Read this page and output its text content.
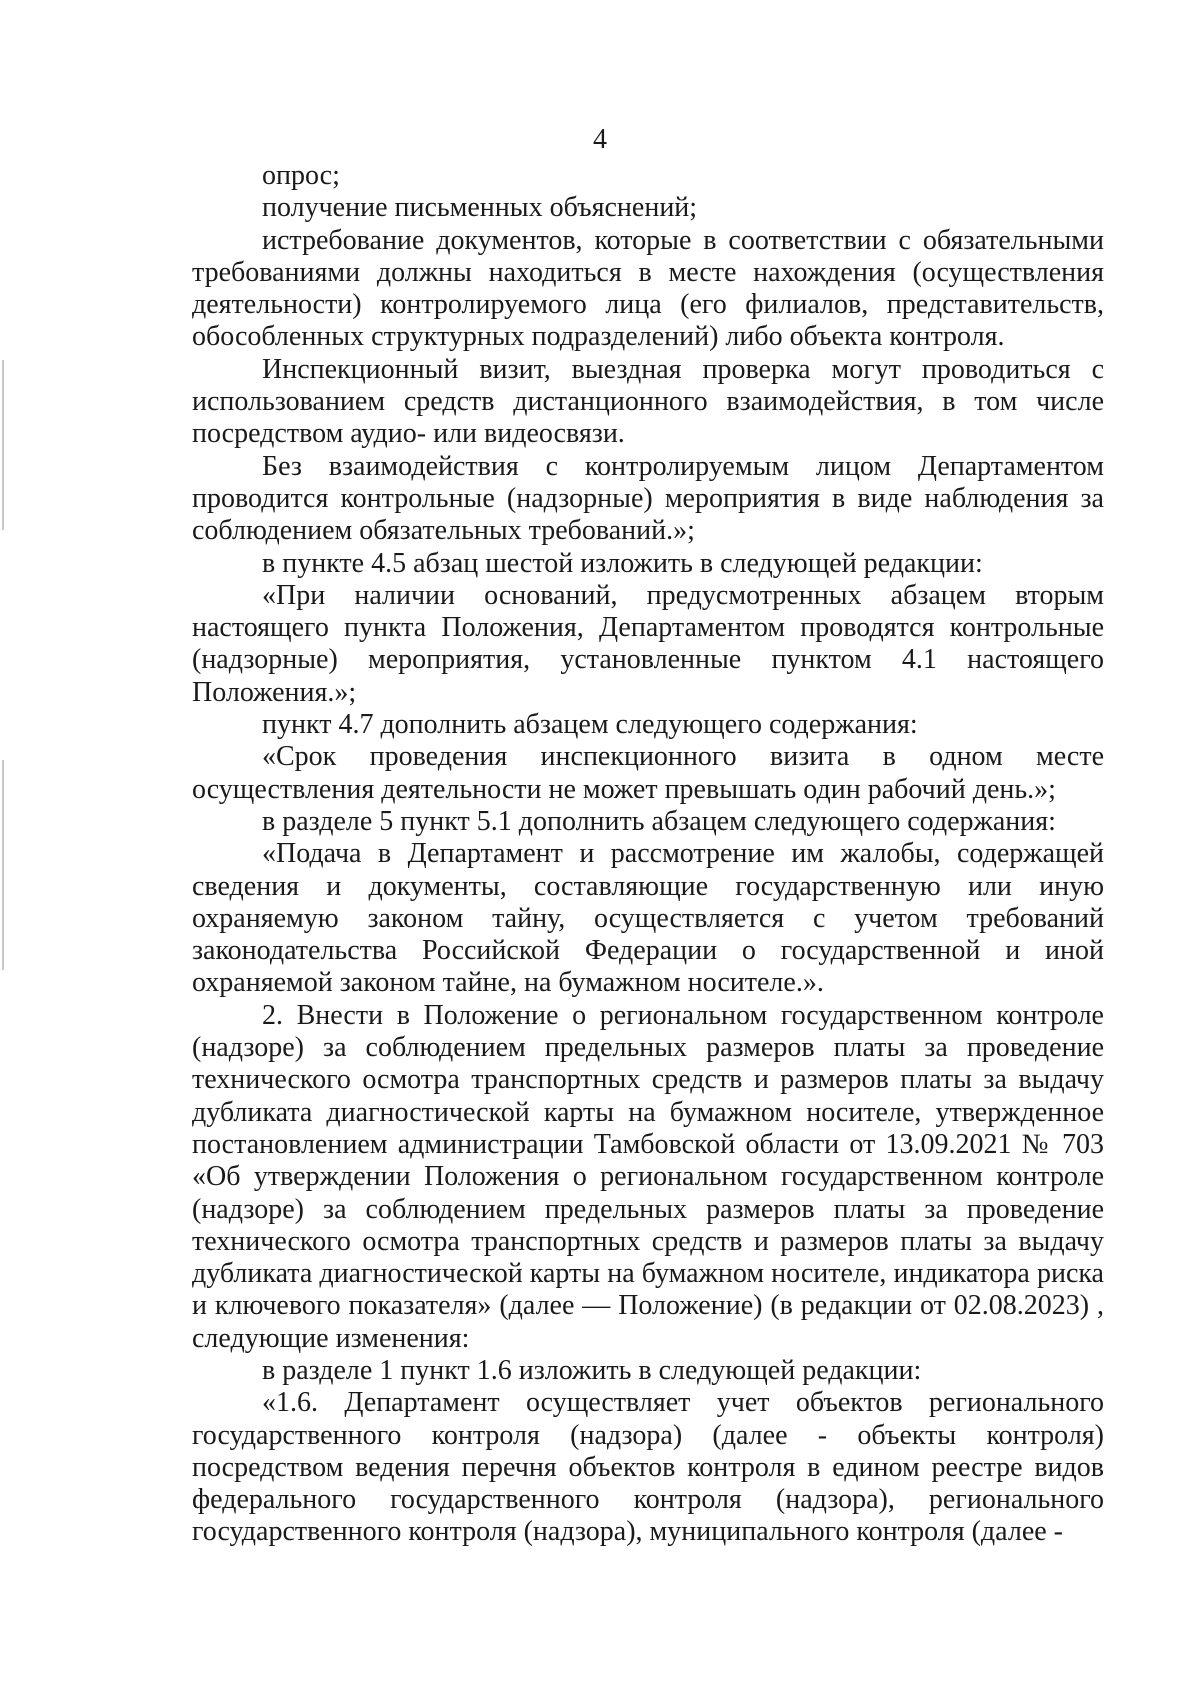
4

опрос;

получение письменных объяснений;

истребование документов, которые в соответствии с обязательными требованиями должны находиться в месте нахождения (осуществления деятельности) контролируемого лица (его филиалов, представительств, обособленных структурных подразделений) либо объекта контроля.

Инспекционный визит, выездная проверка могут проводиться с использованием средств дистанционного взаимодействия, в том числе посредством аудио- или видеосвязи.

Без взаимодействия с контролируемым лицом Департаментом проводится контрольные (надзорные) мероприятия в виде наблюдения за соблюдением обязательных требований.»;

в пункте 4.5 абзац шестой изложить в следующей редакции:

«При наличии оснований, предусмотренных абзацем вторым настоящего пункта Положения, Департаментом проводятся контрольные (надзорные) мероприятия, установленные пунктом 4.1 настоящего Положения.»;

пункт 4.7 дополнить абзацем следующего содержания:

«Срок проведения инспекционного визита в одном месте осуществления деятельности не может превышать один рабочий день.»;

в разделе 5 пункт 5.1 дополнить абзацем следующего содержания:

«Подача в Департамент и рассмотрение им жалобы, содержащей сведения и документы, составляющие государственную или иную охраняемую законом тайну, осуществляется с учетом требований законодательства Российской Федерации о государственной и иной охраняемой законом тайне, на бумажном носителе.».

2. Внести в Положение о региональном государственном контроле (надзоре) за соблюдением предельных размеров платы за проведение технического осмотра транспортных средств и размеров платы за выдачу дубликата диагностической карты на бумажном носителе, утвержденное постановлением администрации Тамбовской области от 13.09.2021 № 703 «Об утверждении Положения о региональном государственном контроле (надзоре) за соблюдением предельных размеров платы за проведение технического осмотра транспортных средств и размеров платы за выдачу дубликата диагностической карты на бумажном носителе, индикатора риска и ключевого показателя» (далее — Положение) (в редакции от 02.08.2023) , следующие изменения:

в разделе 1 пункт 1.6 изложить в следующей редакции:

«1.6. Департамент осуществляет учет объектов регионального государственного контроля (надзора) (далее - объекты контроля) посредством ведения перечня объектов контроля в едином реестре видов федерального государственного контроля (надзора), регионального государственного контроля (надзора), муниципального контроля (далее -
